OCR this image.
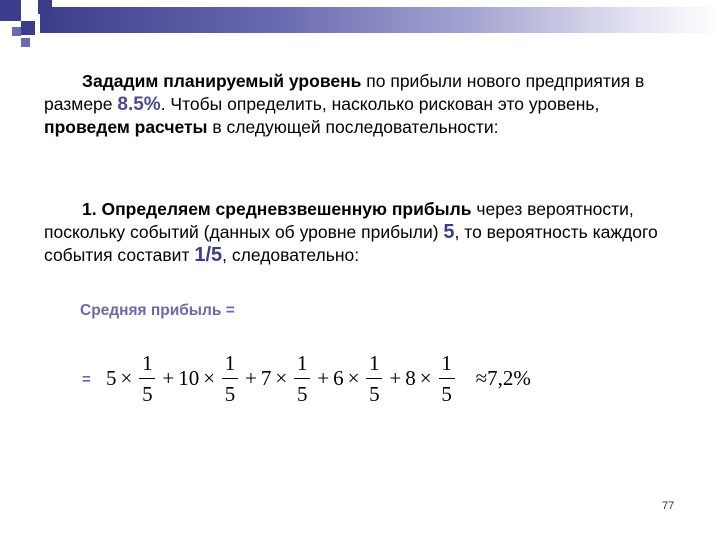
Зададим планируемый уровень по прибыли нового предприятия в размере 8.5%. Чтобы определить, насколько рискован это уровень, проведем расчеты в следующей последовательности:
1. Определяем средневзвешенную прибыль через вероятности, поскольку событий (данных об уровне прибыли) 5, то вероятность каждого события составит 1/5, следовательно:
Средняя прибыль =
= $5 \times \frac{1}{5} + 10 \times \frac{1}{5} + 7 \times \frac{1}{5} + 6 \times \frac{1}{5} + 8 \times \frac{1}{5} \approx 7,2\%$
77
